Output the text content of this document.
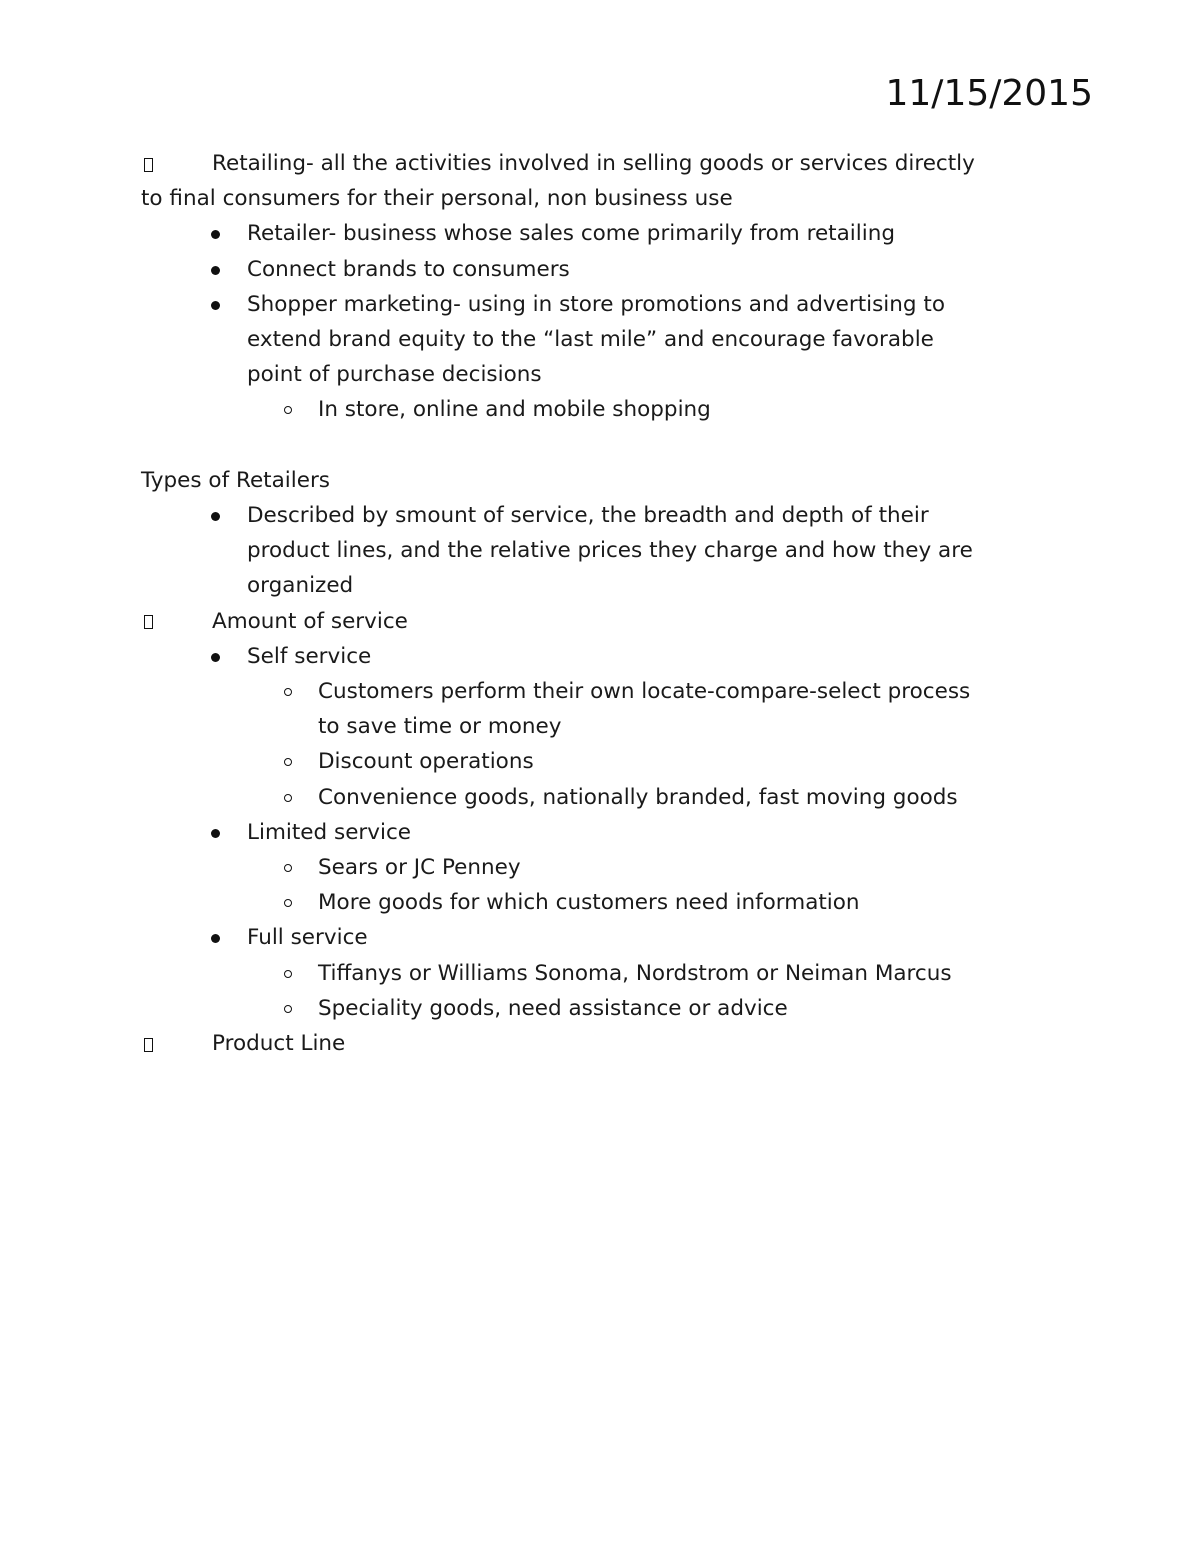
11/15/2015
Retailing- all the activities involved in selling goods or services directly
to final consumers for their personal, non business use
Retailer- business whose sales come primarily from retailing
Connect brands to consumers
Shopper marketing- using in store promotions and advertising to
extend brand equity to the “last mile” and encourage favorable
point of purchase decisions
In store, online and mobile shopping
Types of Retailers
Described by smount of service, the breadth and depth of their
product lines, and the relative prices they charge and how they are
organized
Amount of service
Self service
Customers perform their own locate-compare-select process
to save time or money
Discount operations
Convenience goods, nationally branded, fast moving goods
Limited service
Sears or JC Penney
More goods for which customers need information
Full service
Tiffanys or Williams Sonoma, Nordstrom or Neiman Marcus
Speciality goods, need assistance or advice
Product Line
